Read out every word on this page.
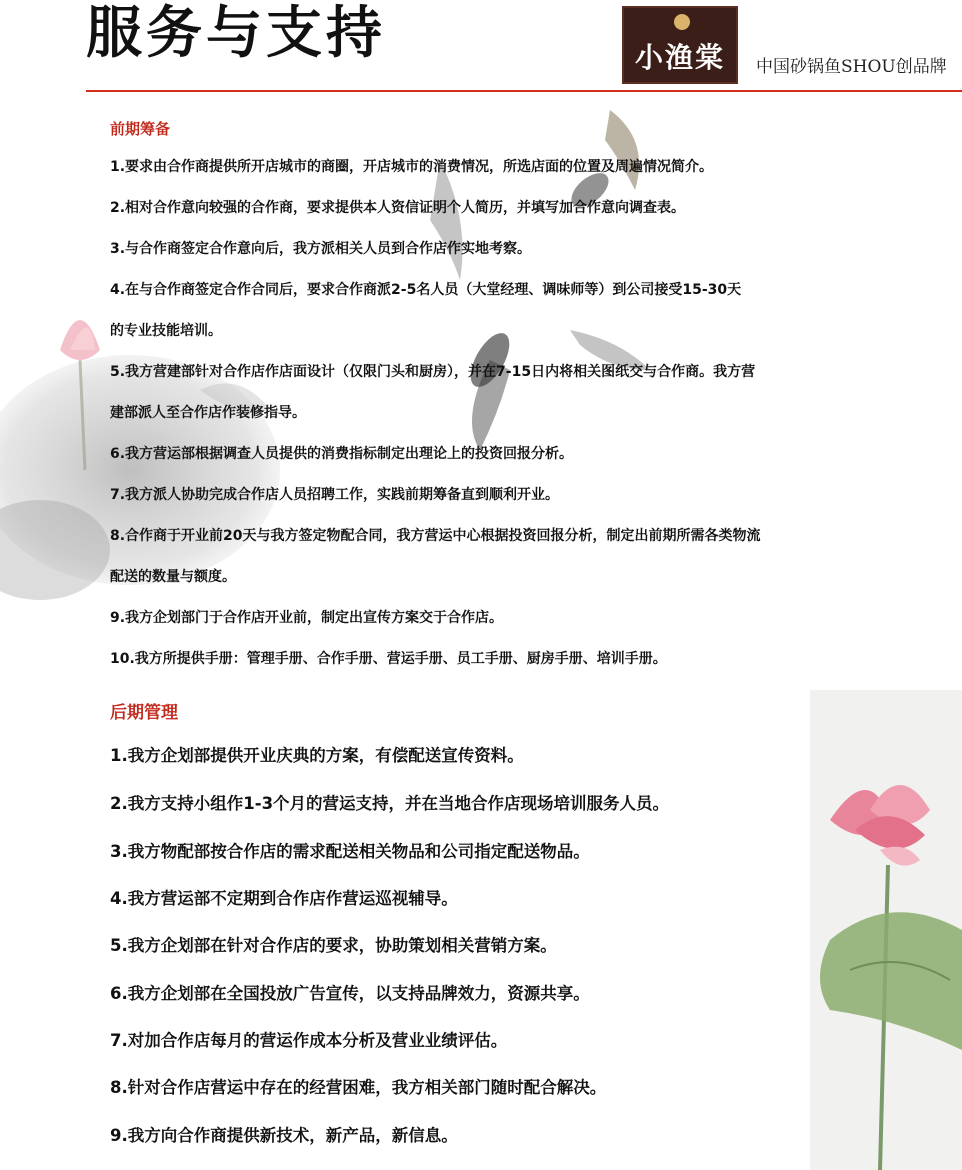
服务与支持	小渔棠	中国砂锅鱼SHOU创品牌
前期筹备

1.要求由合作商提供所开店城市的商圈，开店城市的消费情况，所选店面的位置及周遍情况简介。

2.相对合作意向较强的合作商，要求提供本人资信证明个人简历，并填写加合作意向调查表。

3.与合作商签定合作意向后，我方派相关人员到合作店作实地考察。

4.在与合作商签定合作合同后，要求合作商派2-5名人员（大堂经理、调味师等）到公司接受15-30天

的专业技能培训。

5.我方营建部针对合作店作店面设计（仅限门头和厨房），并在7-15日内将相关图纸交与合作商。我方营

建部派人至合作店作装修指导。

6.我方营运部根据调查人员提供的消费指标制定出理论上的投资回报分析。

7.我方派人协助完成合作店人员招聘工作，实践前期筹备直到顺利开业。

8.合作商于开业前20天与我方签定物配合同，我方营运中心根据投资回报分析，制定出前期所需各类物流

配送的数量与额度。

9.我方企划部门于合作店开业前，制定出宣传方案交于合作店。

10.我方所提供手册：管理手册、合作手册、营运手册、员工手册、厨房手册、培训手册。

后期管理

1.我方企划部提供开业庆典的方案，有偿配送宣传资料。

2.我方支持小组作1-3个月的营运支持，并在当地合作店现场培训服务人员。

3.我方物配部按合作店的需求配送相关物品和公司指定配送物品。

4.我方营运部不定期到合作店作营运巡视辅导。

5.我方企划部在针对合作店的要求，协助策划相关营销方案。

6.我方企划部在全国投放广告宣传，以支持品牌效力，资源共享。

7.对加合作店每月的营运作成本分析及营业业绩评估。

8.针对合作店营运中存在的经营困难，我方相关部门随时配合解决。

9.我方向合作商提供新技术，新产品，新信息。
